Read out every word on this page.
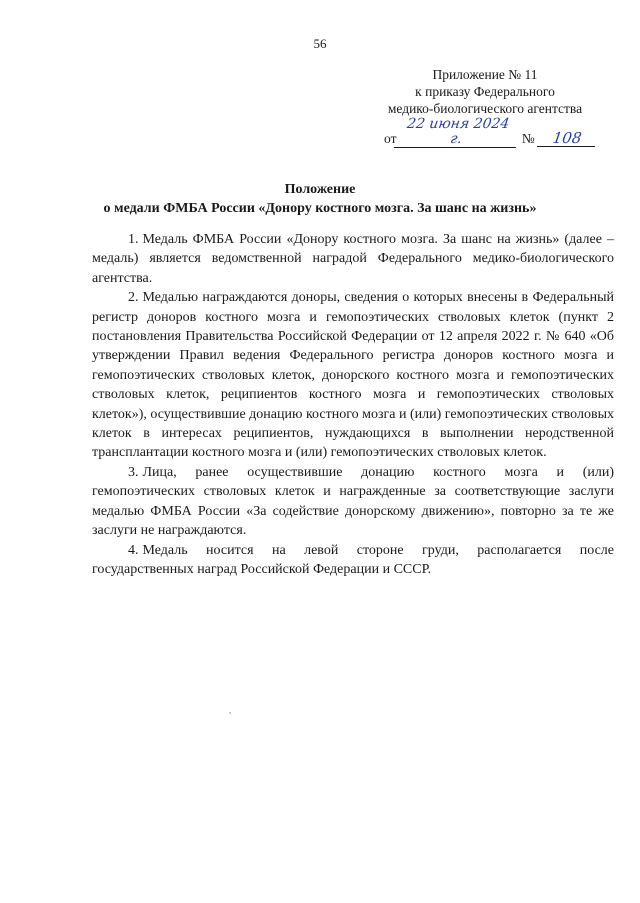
56
Приложение № 11
к приказу Федерального
медико-биологического агентства
от22 июня 2024 г.	№ 108
Положение
о медали ФМБА России «Донору костного мозга. За шанс на жизнь»

1. Медаль ФМБА России «Донору костного мозга. За шанс на жизнь» (далее – медаль) является ведомственной наградой Федерального медико-биологического агентства.

2. Медалью награждаются доноры, сведения о которых внесены в Федеральный регистр доноров костного мозга и гемопоэтических стволовых клеток (пункт 2 постановления Правительства Российской Федерации от 12 апреля 2022 г. № 640 «Об утверждении Правил ведения Федерального регистра доноров костного мозга и гемопоэтических стволовых клеток, донорского костного мозга и гемопоэтических стволовых клеток, реципиентов костного мозга и гемопоэтических стволовых клеток»), осуществившие донацию костного мозга и (или) гемопоэтических стволовых клеток в интересах реципиентов, нуждающихся в выполнении неродственной трансплантации костного мозга и (или) гемопоэтических стволовых клеток.

3. Лица, ранее осуществившие донацию костного мозга и (или) гемопоэтических стволовых клеток и награжденные за соответствующие заслуги медалью ФМБА России «За содействие донорскому движению», повторно за те же заслуги не награждаются.

4. Медаль носится на левой стороне груди, располагается после государственных наград Российской Федерации и СССР.
